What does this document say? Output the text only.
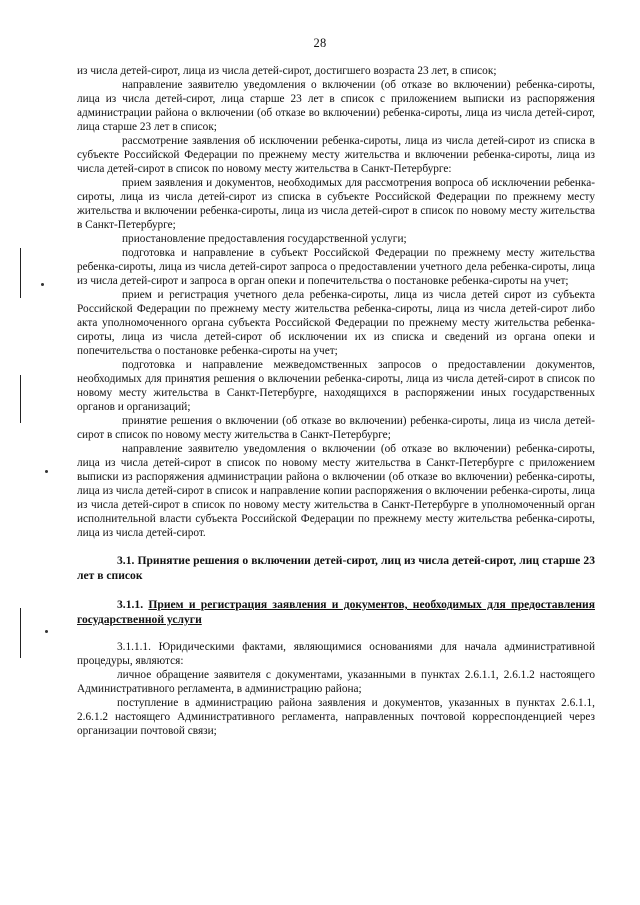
28

из числа детей-сирот, лица из числа детей-сирот, достигшего возраста 23 лет, в список;

направление заявителю уведомления о включении (об отказе во включении) ребенка-сироты, лица из числа детей-сирот, лица старше 23 лет в список с приложением выписки из распоряжения администрации района о включении (об отказе во включении) ребенка-сироты, лица из числа детей-сирот, лица старше 23 лет в список;

рассмотрение заявления об исключении ребенка-сироты, лица из числа детей-сирот из списка в субъекте Российской Федерации по прежнему месту жительства и включении ребенка-сироты, лица из числа детей-сирот в список по новому месту жительства в Санкт-Петербурге:

прием заявления и документов, необходимых для рассмотрения вопроса об исключении ребенка-сироты, лица из числа детей-сирот из списка в субъекте Российской Федерации по прежнему месту жительства и включении ребенка-сироты, лица из числа детей-сирот в список по новому месту жительства в Санкт-Петербурге;

приостановление предоставления государственной услуги;

подготовка и направление в субъект Российской Федерации по прежнему месту жительства ребенка-сироты, лица из числа детей-сирот запроса о предоставлении учетного дела ребенка-сироты, лица из числа детей-сирот и запроса в орган опеки и попечительства о постановке ребенка-сироты на учет;

прием и регистрация учетного дела ребенка-сироты, лица из числа детей сирот из субъекта Российской Федерации по прежнему месту жительства ребенка-сироты, лица из числа детей-сирот либо акта уполномоченного органа субъекта Российской Федерации по прежнему месту жительства ребенка-сироты, лица из числа детей-сирот об исключении их из списка и сведений из органа опеки и попечительства о постановке ребенка-сироты на учет;

подготовка и направление межведомственных запросов о предоставлении документов, необходимых для принятия решения о включении ребенка-сироты, лица из числа детей-сирот в список по новому месту жительства в Санкт-Петербурге, находящихся в распоряжении иных государственных органов и организаций;

принятие решения о включении (об отказе во включении) ребенка-сироты, лица из числа детей-сирот в список по новому месту жительства в Санкт-Петербурге;

направление заявителю уведомления о включении (об отказе во включении) ребенка-сироты, лица из числа детей-сирот в список по новому месту жительства в Санкт-Петербурге с приложением выписки из распоряжения администрации района о включении (об отказе во включении) ребенка-сироты, лица из числа детей-сирот в список и направление копии распоряжения о включении ребенка-сироты, лица из числа детей-сирот в список по новому месту жительства в Санкт-Петербурге в уполномоченный орган исполнительной власти субъекта Российской Федерации по прежнему месту жительства ребенка-сироты, лица из числа детей-сирот.

3.1. Принятие решения о включении детей-сирот, лиц из числа детей-сирот, лиц старше 23 лет в список
3.1.1. Прием и регистрация заявления и документов, необходимых для предоставления государственной услуги

3.1.1.1. Юридическими фактами, являющимися основаниями для начала административной процедуры, являются:

личное обращение заявителя с документами, указанными в пунктах 2.6.1.1, 2.6.1.2 настоящего Административного регламента, в администрацию района;

поступление в администрацию района заявления и документов, указанных в пунктах 2.6.1.1, 2.6.1.2 настоящего Административного регламента, направленных почтовой корреспонденцией через организации почтовой связи;
